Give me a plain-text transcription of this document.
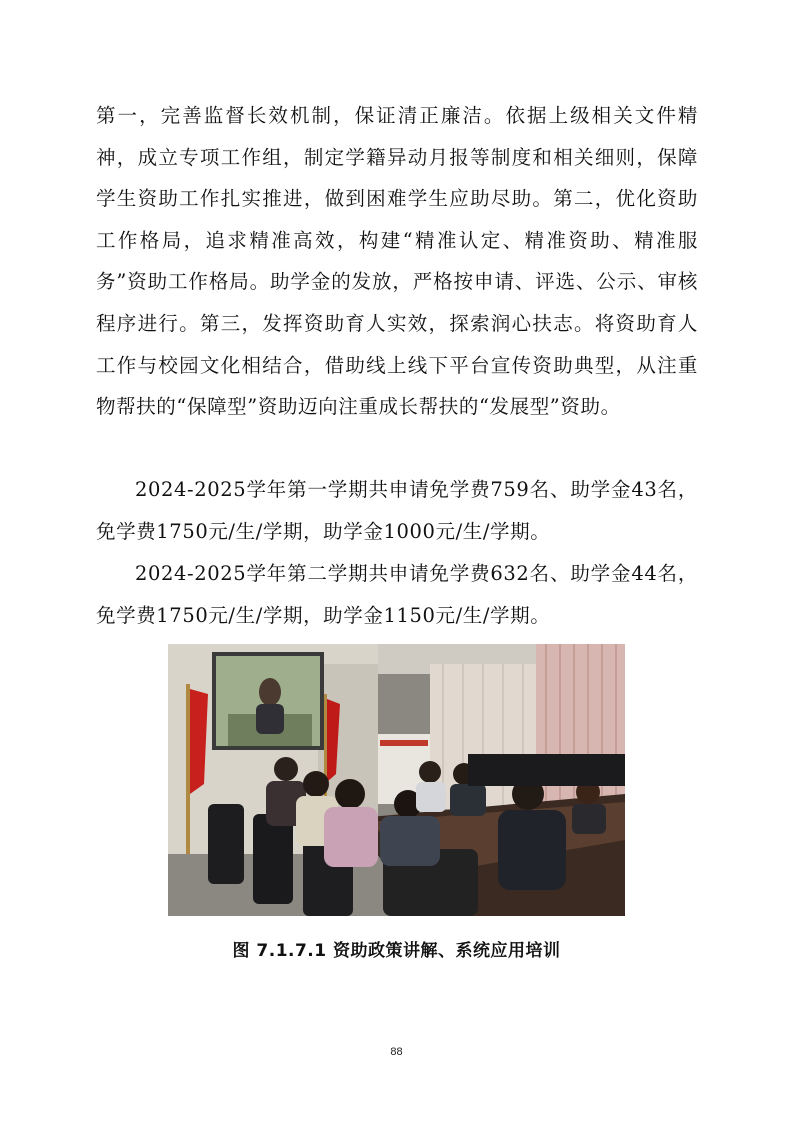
第一，完善监督长效机制，保证清正廉洁。依据上级相关文件精神，成立专项工作组，制定学籍异动月报等制度和相关细则，保障学生资助工作扎实推进，做到困难学生应助尽助。第二，优化资助工作格局，追求精准高效，构建“精准认定、精准资助、精准服务”资助工作格局。助学金的发放，严格按申请、评选、公示、审核程序进行。第三，发挥资助育人实效，探索润心扶志。将资助育人工作与校园文化相结合，借助线上线下平台宣传资助典型，从注重物帮扶的“保障型”资助迈向注重成长帮扶的“发展型”资助。

2024-2025学年第一学期共申请免学费759名、助学金43名，免学费1750元/生/学期，助学金1000元/生/学期。

2024-2025学年第二学期共申请免学费632名、助学金44名，免学费1750元/生/学期，助学金1150元/生/学期。

图 7.1.7.1 资助政策讲解、系统应用培训
88
